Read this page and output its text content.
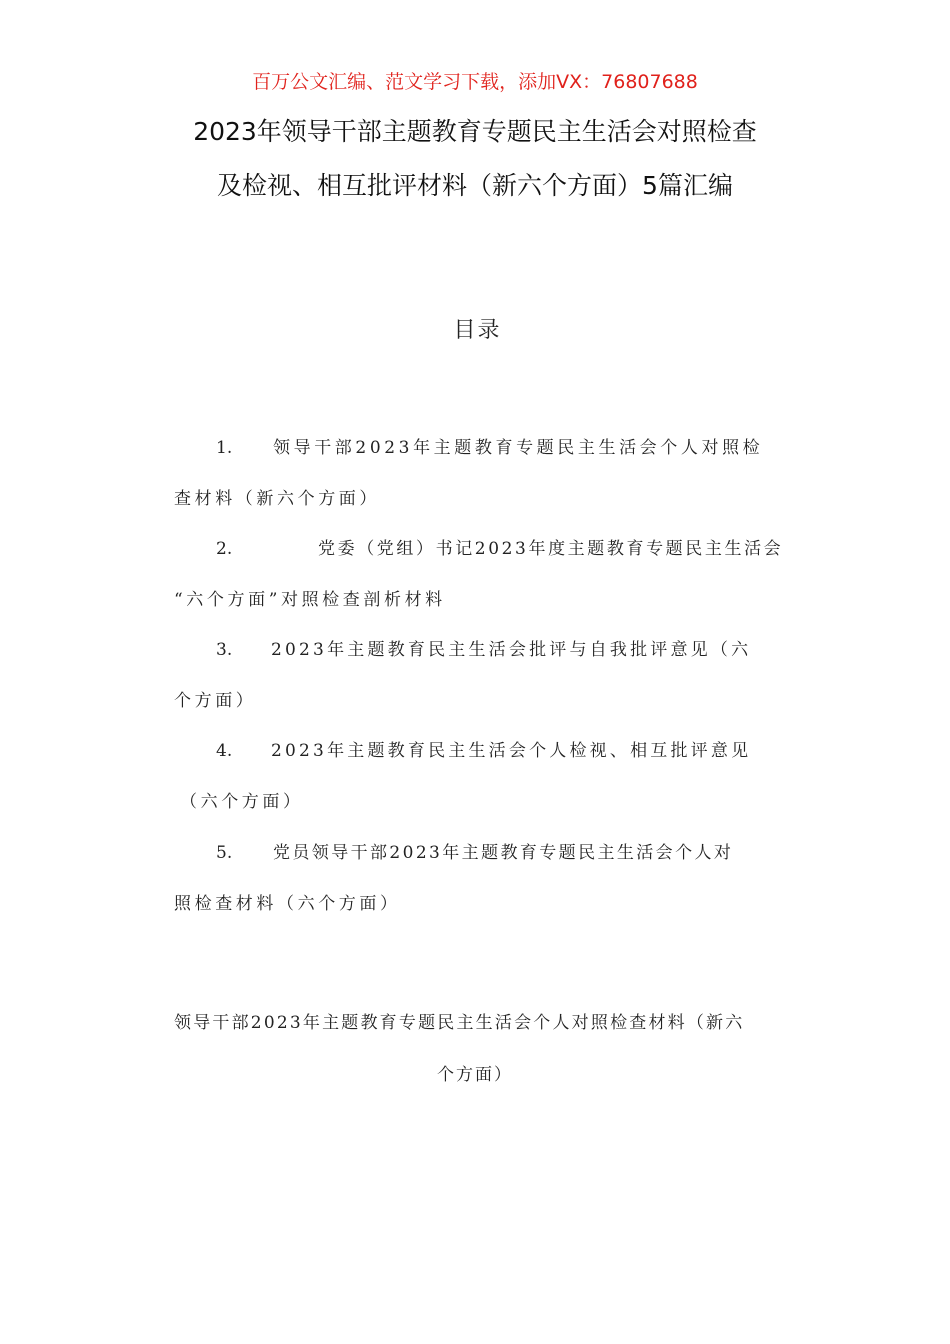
百万公文汇编、范文学习下载，添加VX：76807688
2023年领导干部主题教育专题民主生活会对照检查
及检视、相互批评材料（新六个方面）5篇汇编
目录
1. 领导干部2023年主题教育专题民主生活会个人对照检
查材料（新六个方面）
2.	党委（党组）书记2023年度主题教育专题民主生活会
“六个方面”对照检查剖析材料
3. 2023年主题教育民主生活会批评与自我批评意见（六
个方面）
4. 2023年主题教育民主生活会个人检视、相互批评意见
（六个方面）
5. 党员领导干部2023年主题教育专题民主生活会个人对
照检查材料（六个方面）
领导干部2023年主题教育专题民主生活会个人对照检查材料（新六
个方面）
